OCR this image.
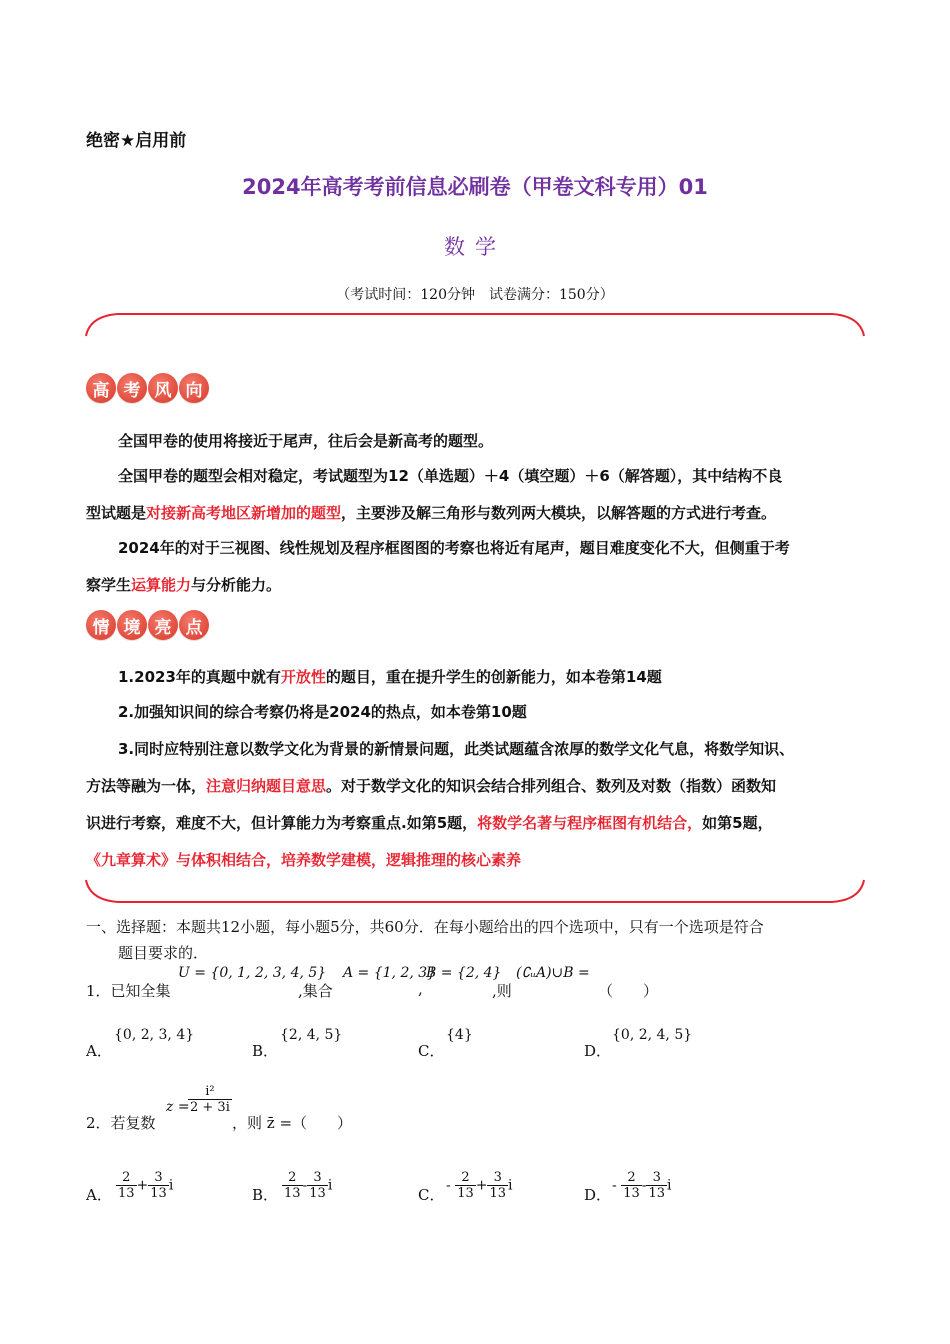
绝密★启用前
2024年高考考前信息必刷卷（甲卷文科专用）01
数学
（考试时间：120分钟　试卷满分：150分）
高 考 风 向
全国甲卷的使用将接近于尾声，往后会是新高考的题型。
全国甲卷的题型会相对稳定，考试题型为12（单选题）＋4（填空题）＋6（解答题），其中结构不良
型试题是对接新高考地区新增加的题型，主要涉及解三角形与数列两大模块，以解答题的方式进行考查。
2024年的对于三视图、线性规划及程序框图图的考察也将近有尾声，题目难度变化不大，但侧重于考
察学生运算能力与分析能力。
情 境 亮 点
1.2023年的真题中就有开放性的题目，重在提升学生的创新能力，如本卷第14题
2.加强知识间的综合考察仍将是2024的热点，如本卷第10题
3.同时应特别注意以数学文化为背景的新情景问题，此类试题蕴含浓厚的数学文化气息，将数学知识、
方法等融为一体，注意归纳题目意思。对于数学文化的知识会结合排列组合、数列及对数（指数）函数知
识进行考察，难度不大，但计算能力为考察重点.如第5题，将数学名著与程序框图有机结合，如第5题，
《九章算术》与体积相结合，培养数学建模，逻辑推理的核心素养
一、选择题：本题共12小题，每小题5分，共60分．在每小题给出的四个选项中，只有一个选项是符合
题目要求的．
1．已知全集
U = {0, 1, 2, 3, 4, 5}
,集合
A = {1, 2, 3}
,
B = {2, 4}
,则
(∁ᵤA)∪B =
（　　）
A．
{0, 2, 3, 4}
B．
{2, 4, 5}
C．
{4}
D．
{0, 2, 4, 5}
2．若复数
z =
$\frac{\text{i²}}{2 + 3i}$
，则 z̄ =（　　）
A． $\frac{2}{13} + \frac{3}{13}$ i
B． $\frac{2}{13} - \frac{3}{13}$ i
C．
- $\frac{2}{13} + \frac{3}{13}$ i
D．
- $\frac{2}{13} - \frac{3}{13}$ i
